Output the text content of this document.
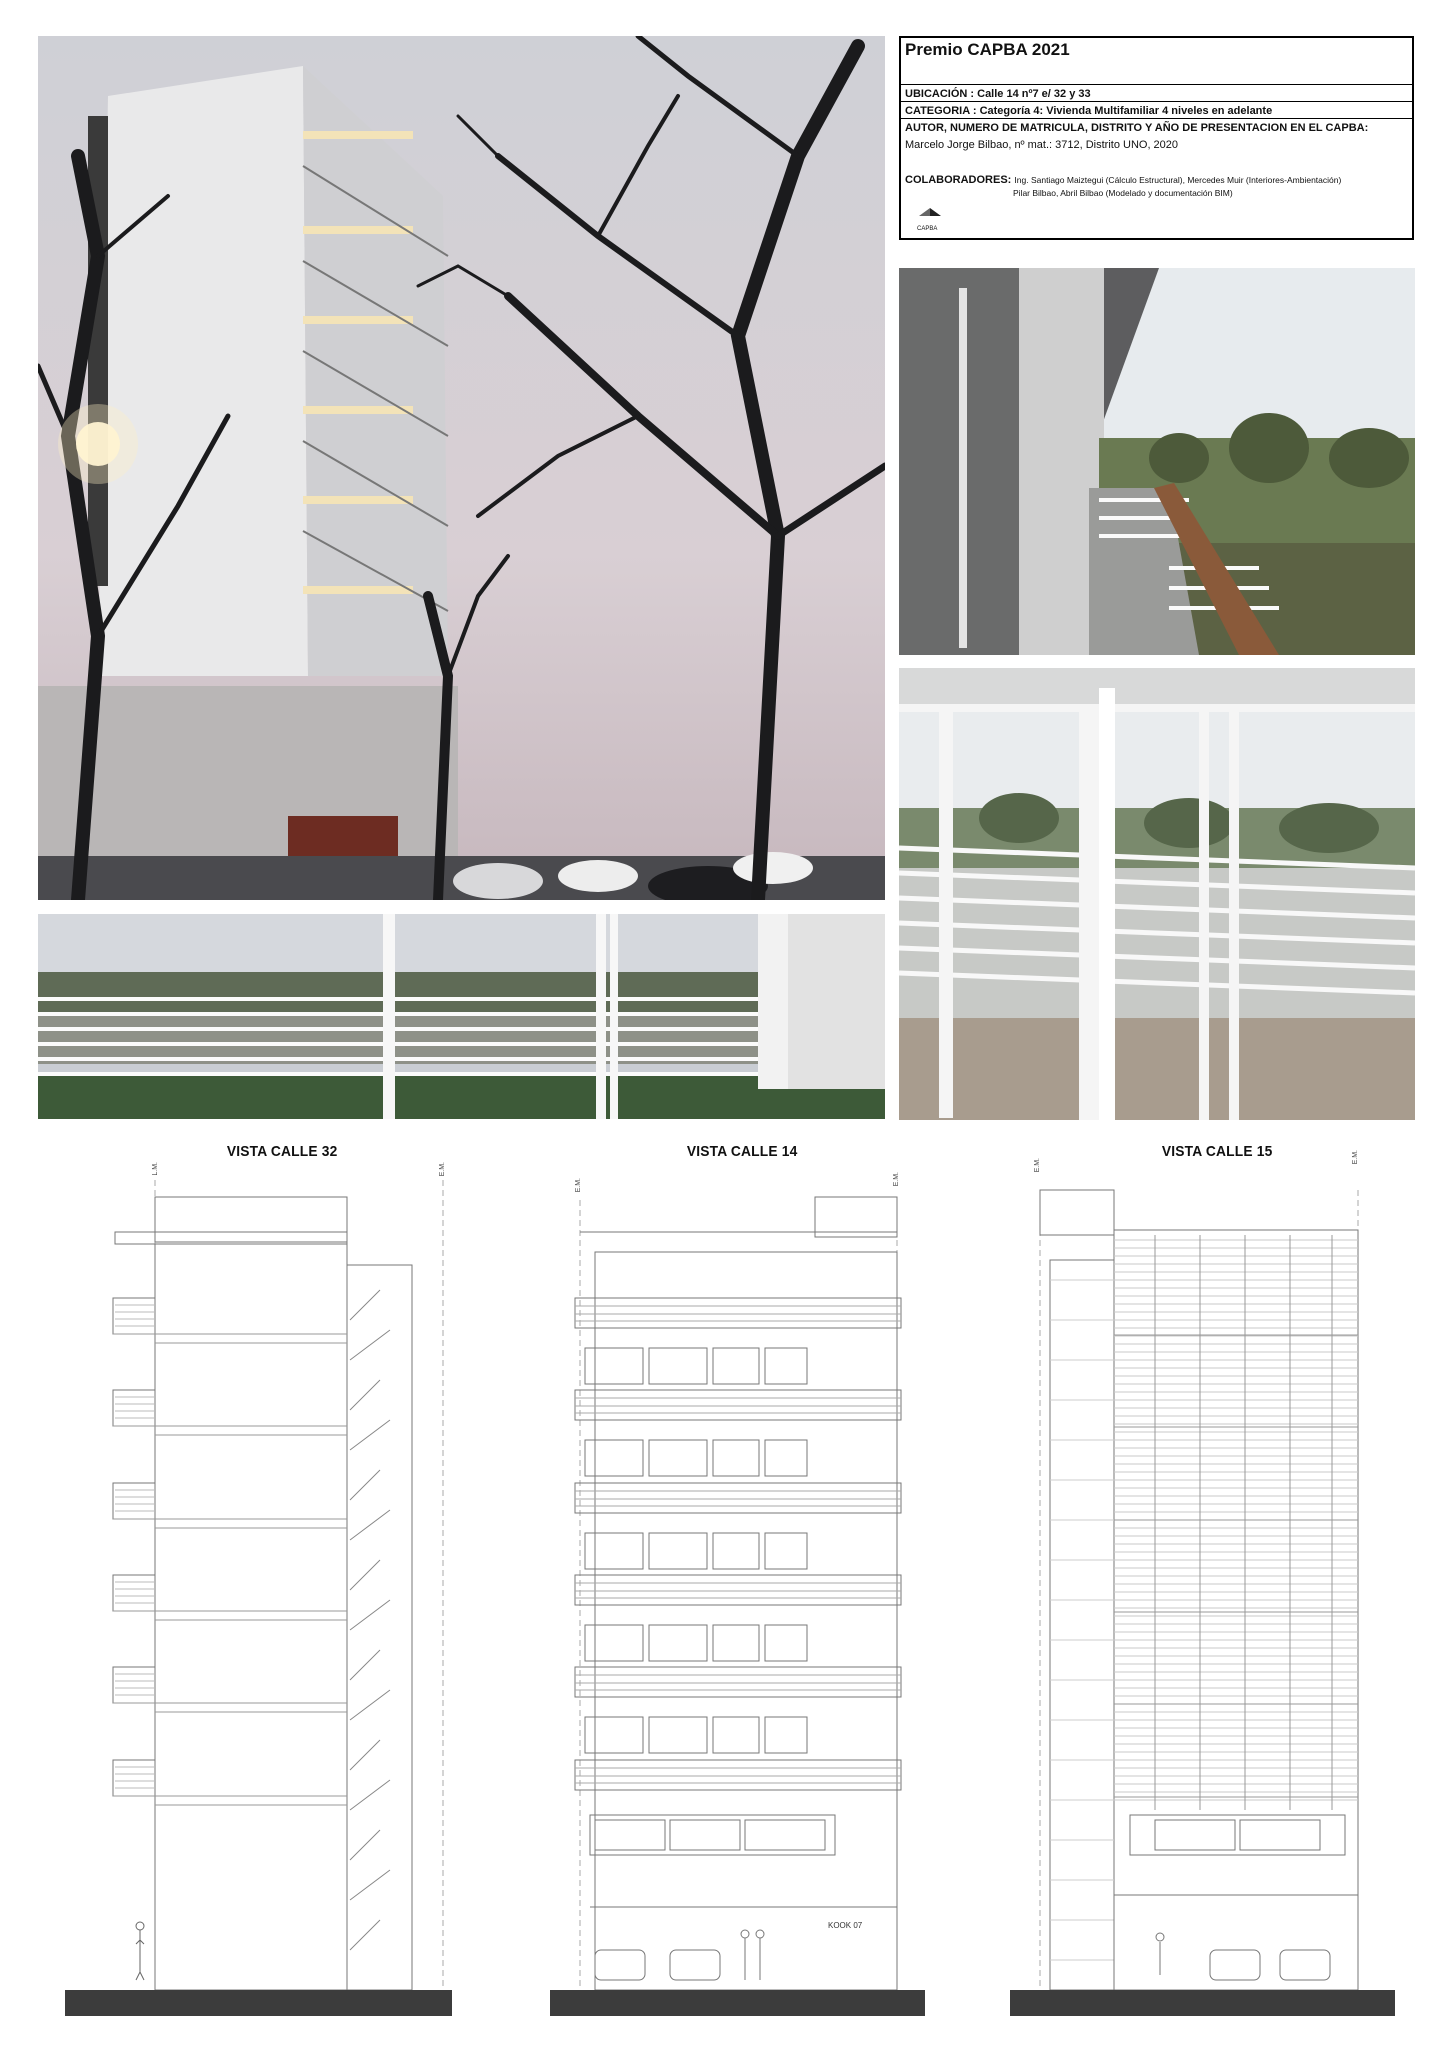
Premio CAPBA 2021
UBICACIÓN : Calle 14 nº7 e/ 32 y 33
CATEGORIA : Categoría 4: Vivienda Multifamiliar 4 niveles en adelante
AUTOR, NUMERO DE MATRICULA, DISTRITO Y AÑO DE PRESENTACION EN EL CAPBA:
Marcelo Jorge Bilbao, nº mat.: 3712, Distrito UNO, 2020
COLABORADORES: Ing. Santiago Maiztegui (Cálculo Estructural), Mercedes Muir (Interiores-Ambientación)
Pilar Bilbao, Abril Bilbao (Modelado y documentación BIM)
CAPBA
VISTA CALLE 32	VISTA CALLE 14	VISTA CALLE 15
L.M.	E.M.
E.M.	E.M.
E.M.
E.M.
KOOK 07
